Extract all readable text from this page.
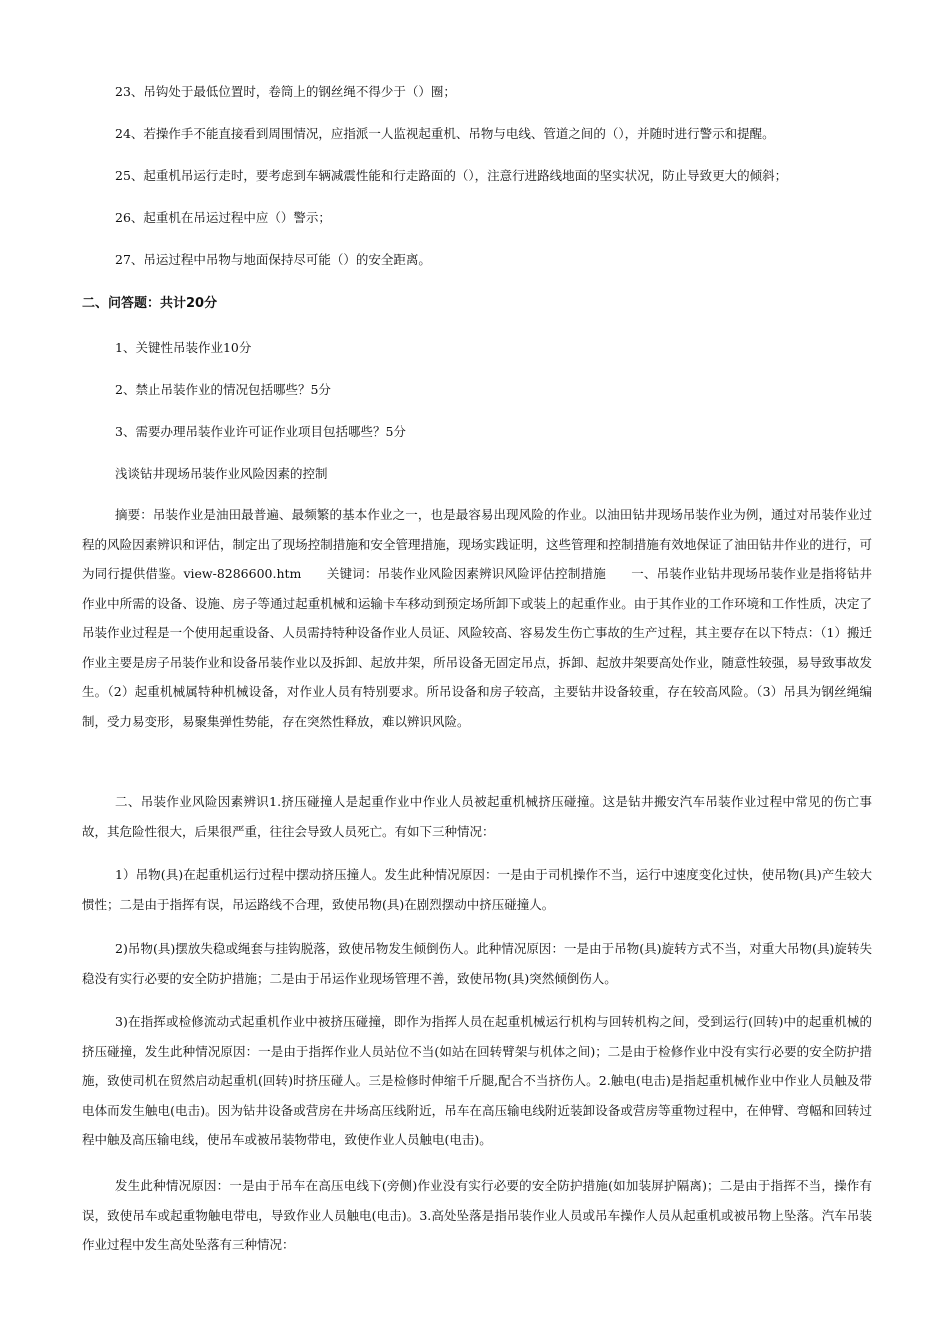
23、吊钩处于最低位置时，卷筒上的钢丝绳不得少于（）圈；
24、若操作手不能直接看到周围情况，应指派一人监视起重机、吊物与电线、管道之间的（），并随时进行警示和提醒。
25、起重机吊运行走时，要考虑到车辆减震性能和行走路面的（），注意行进路线地面的坚实状况，防止导致更大的倾斜；
26、起重机在吊运过程中应（）警示；
27、吊运过程中吊物与地面保持尽可能（）的安全距离。
二、问答题：共计20分
1、关键性吊装作业10分
2、禁止吊装作业的情况包括哪些？5分
3、需要办理吊装作业许可证作业项目包括哪些？5分
浅谈钻井现场吊装作业风险因素的控制
摘要：吊装作业是油田最普遍、最频繁的基本作业之一，也是最容易出现风险的作业。以油田钻井现场吊装作业为例，通过对吊装作业过程的风险因素辨识和评估，制定出了现场控制措施和安全管理措施，现场实践证明，这些管理和控制措施有效地保证了油田钻井作业的进行，可为同行提供借鉴。view-8286600.htm　　关键词：吊装作业风险因素辨识风险评估控制措施　　一、吊装作业钻井现场吊装作业是指将钻井作业中所需的设备、设施、房子等通过起重机械和运输卡车移动到预定场所卸下或装上的起重作业。由于其作业的工作环境和工作性质，决定了吊装作业过程是一个使用起重设备、人员需持特种设备作业人员证、风险较高、容易发生伤亡事故的生产过程，其主要存在以下特点：（1）搬迁作业主要是房子吊装作业和设备吊装作业以及拆卸、起放井架，所吊设备无固定吊点，拆卸、起放井架要高处作业，随意性较强，易导致事故发生。（2）起重机械属特种机械设备，对作业人员有特别要求。所吊设备和房子较高，主要钻井设备较重，存在较高风险。（3）吊具为钢丝绳编制，受力易变形，易聚集弹性势能，存在突然性释放，难以辨识风险。
二、吊装作业风险因素辨识1.挤压碰撞人是起重作业中作业人员被起重机械挤压碰撞。这是钻井搬安汽车吊装作业过程中常见的伤亡事故，其危险性很大，后果很严重，往往会导致人员死亡。有如下三种情况：
1）吊物(具)在起重机运行过程中摆动挤压撞人。发生此种情况原因：一是由于司机操作不当，运行中速度变化过快，使吊物(具)产生较大惯性；二是由于指挥有误，吊运路线不合理，致使吊物(具)在剧烈摆动中挤压碰撞人。
2)吊物(具)摆放失稳或绳套与挂钩脱落，致使吊物发生倾倒伤人。此种情况原因：一是由于吊物(具)旋转方式不当，对重大吊物(具)旋转失稳没有实行必要的安全防护措施；二是由于吊运作业现场管理不善，致使吊物(具)突然倾倒伤人。
3)在指挥或检修流动式起重机作业中被挤压碰撞，即作为指挥人员在起重机械运行机构与回转机构之间，受到运行(回转)中的起重机械的挤压碰撞，发生此种情况原因：一是由于指挥作业人员站位不当(如站在回转臂架与机体之间)；二是由于检修作业中没有实行必要的安全防护措施，致使司机在贸然启动起重机(回转)时挤压碰人。三是检修时伸缩千斤腿,配合不当挤伤人。2.触电(电击)是指起重机械作业中作业人员触及带电体而发生触电(电击)。因为钻井设备或营房在井场高压线附近，吊车在高压输电线附近装卸设备或营房等重物过程中，在伸臂、弯幅和回转过程中触及高压输电线，使吊车或被吊装物带电，致使作业人员触电(电击)。
发生此种情况原因：一是由于吊车在高压电线下(旁侧)作业没有实行必要的安全防护措施(如加装屏护隔离)；二是由于指挥不当，操作有误，致使吊车或起重物触电带电，导致作业人员触电(电击)。3.高处坠落是指吊装作业人员或吊车操作人员从起重机或被吊物上坠落。汽车吊装作业过程中发生高处坠落有三种情况：
